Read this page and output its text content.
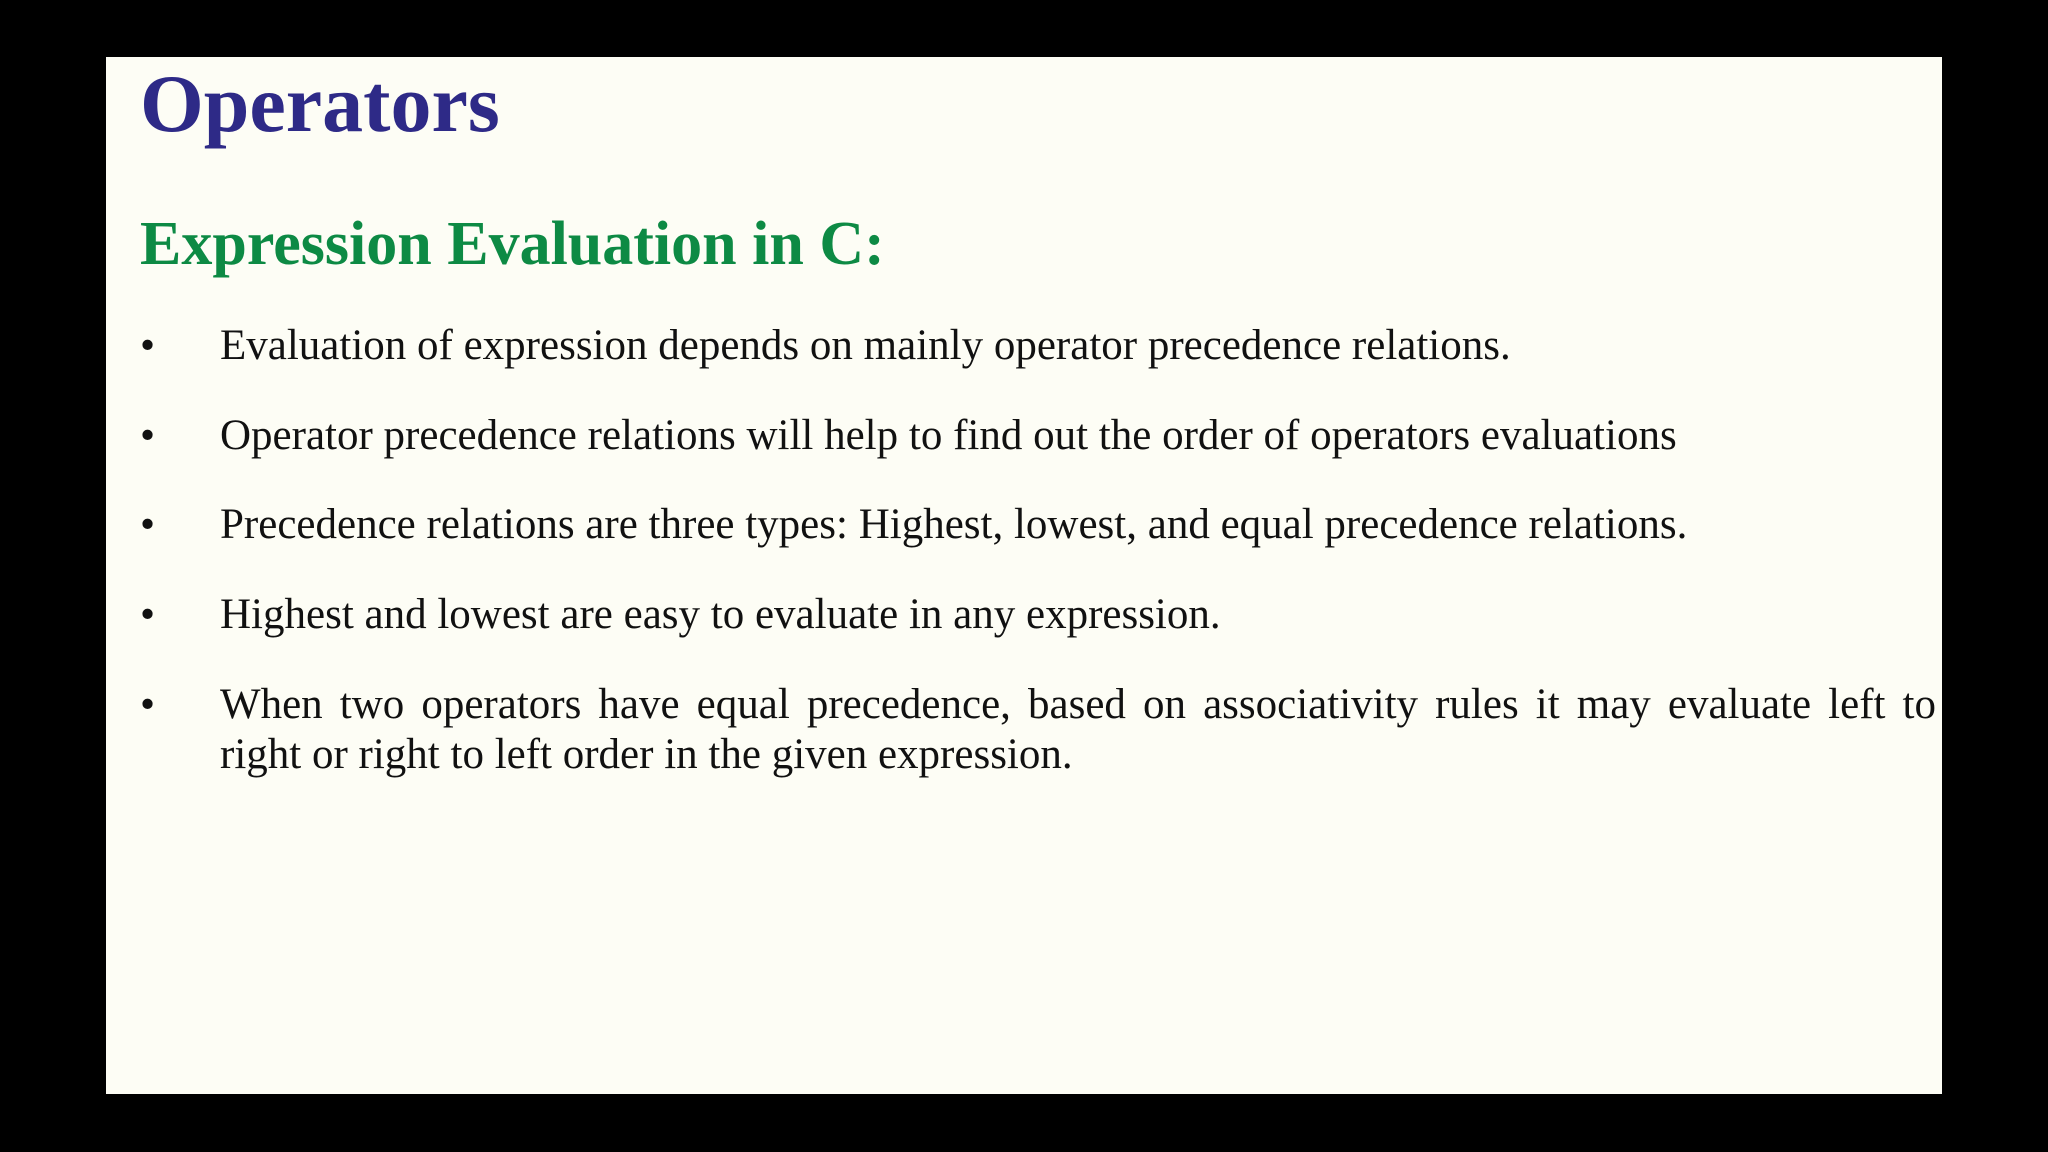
Operators
Expression Evaluation in C:
•	Evaluation of expression depends on mainly operator precedence relations.
•	Operator precedence relations will help to find out the order of operators evaluations
•	Precedence relations are three types: Highest, lowest, and equal precedence relations.
•	Highest and lowest are easy to evaluate in any expression.
•	When two operators have equal precedence, based on associativity rules it may evaluate left to right or right to left order in the given expression.
